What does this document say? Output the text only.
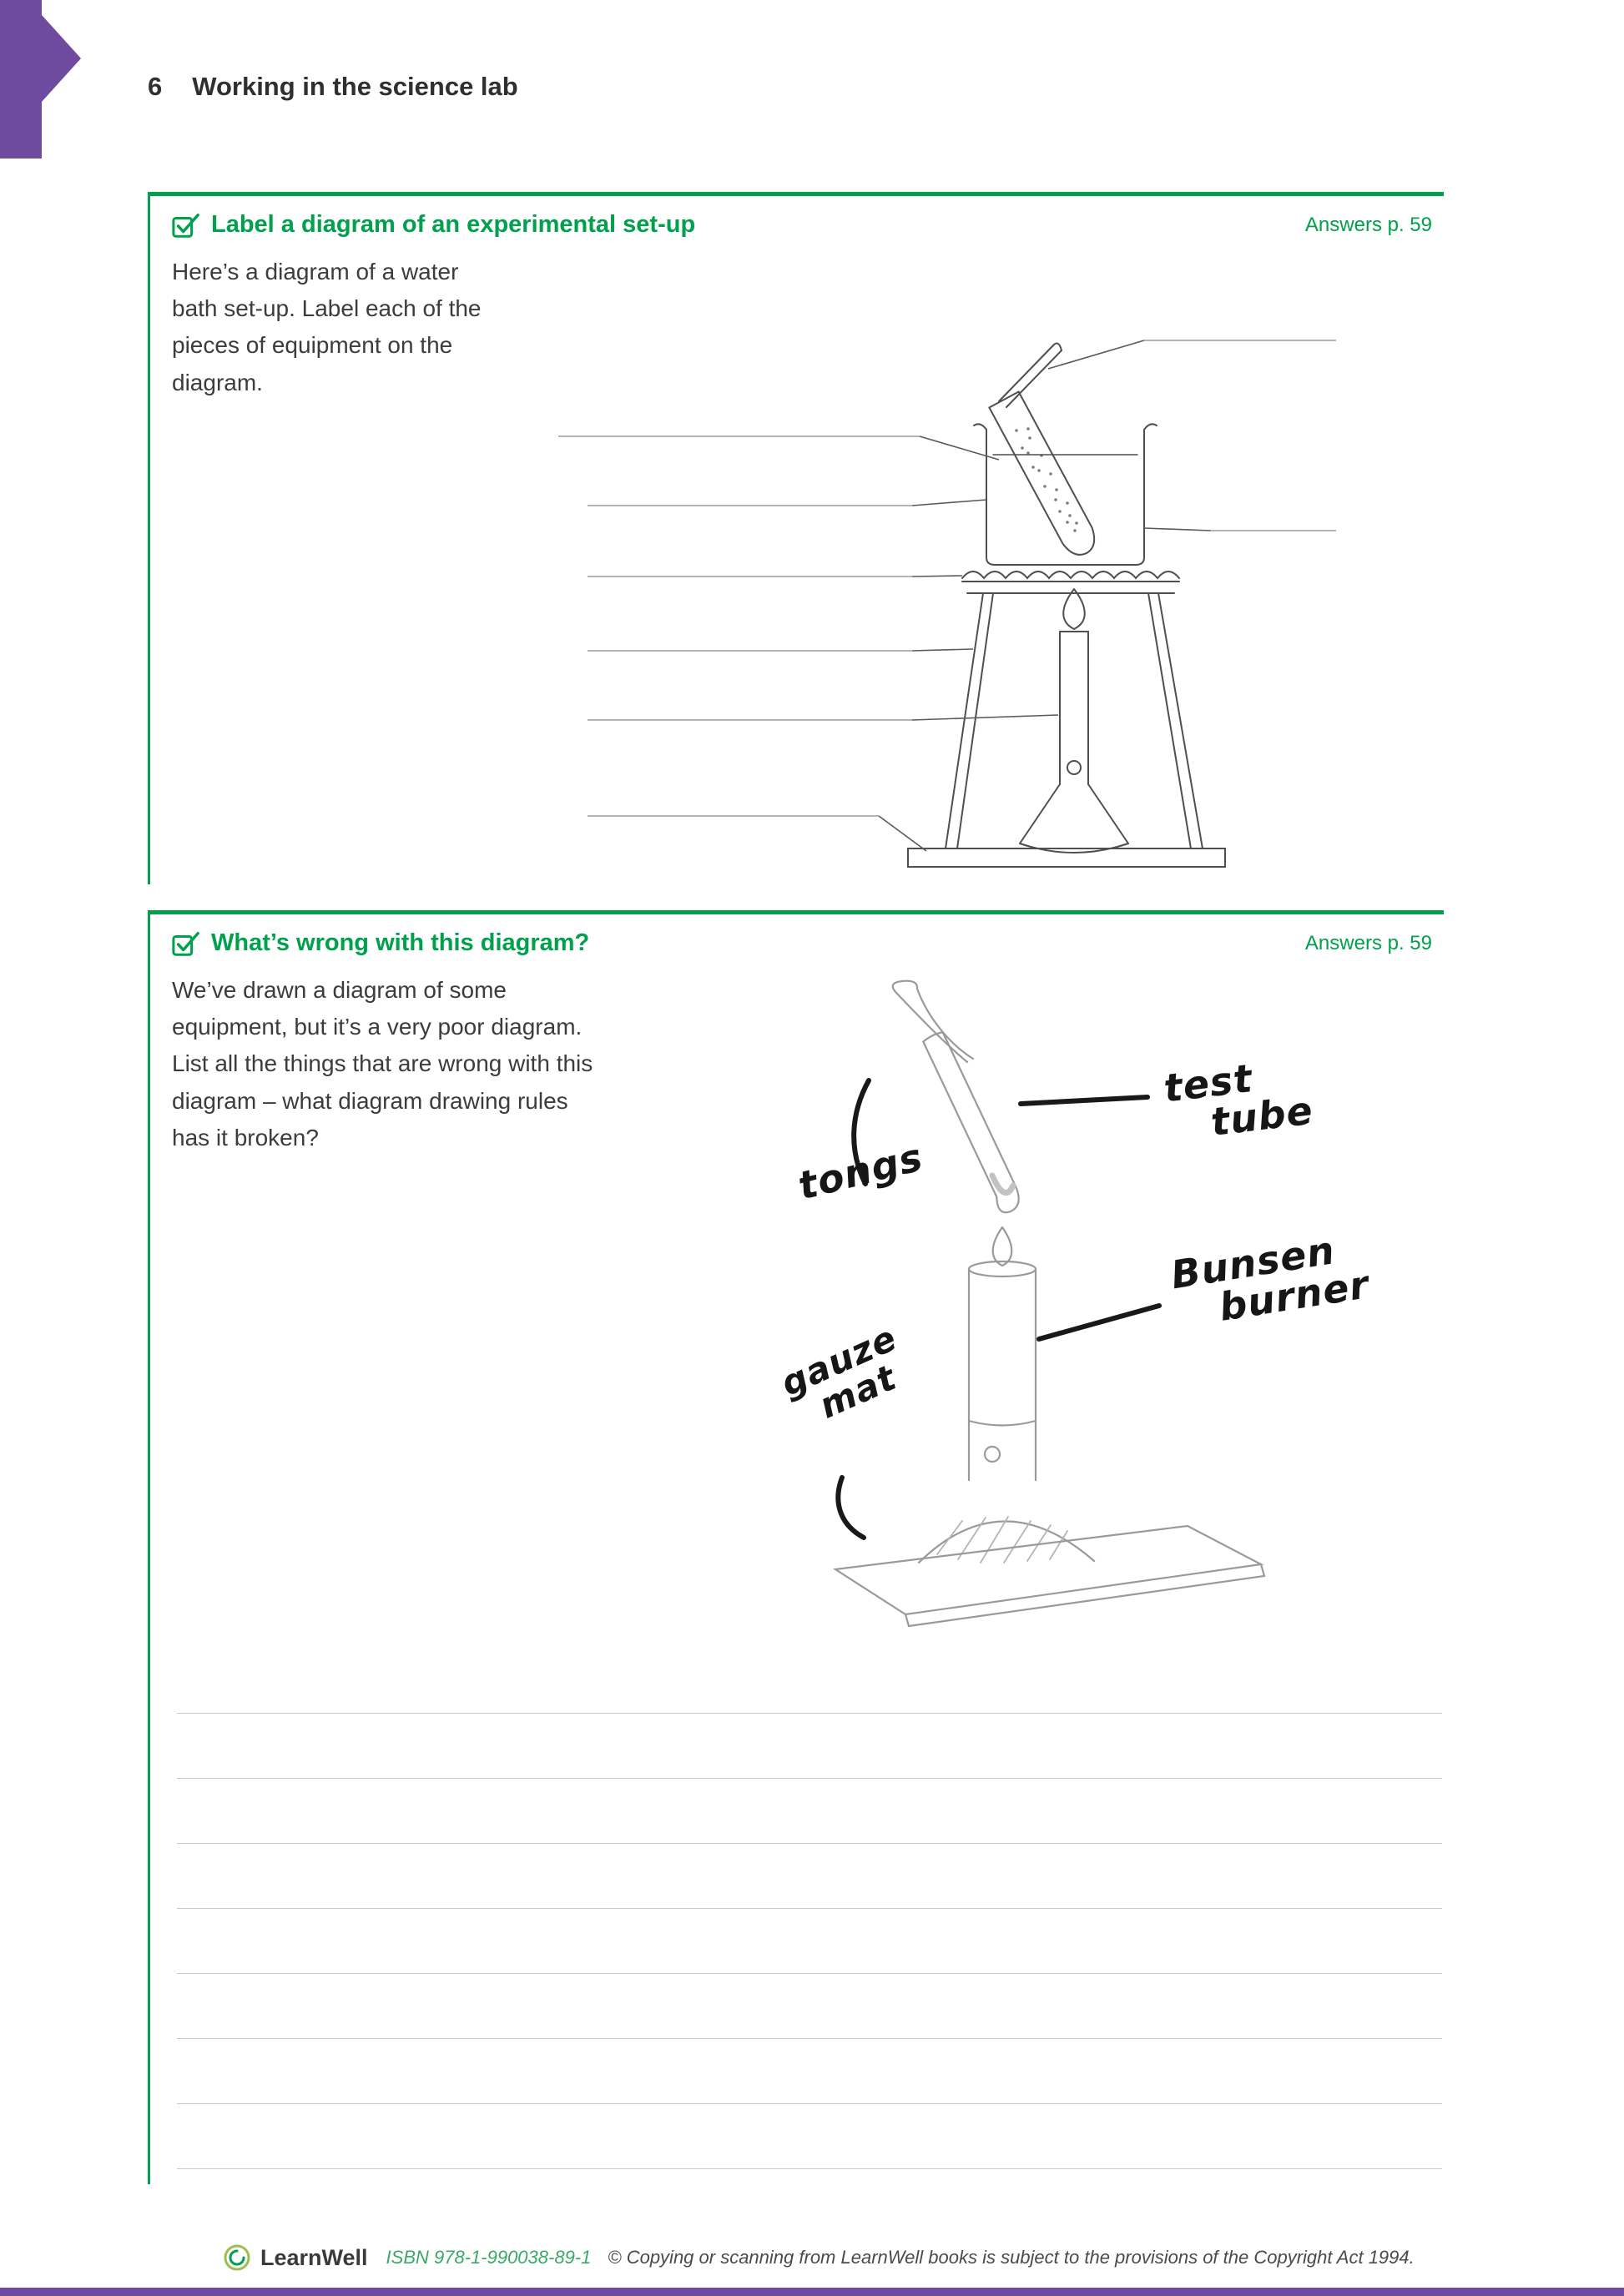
6 Working in the science lab
Label a diagram of an experimental set-up	Answers p. 59

Here’s a diagram of a water bath set-up. Label each of the pieces of equipment on the diagram.

What’s wrong with this diagram?	Answers p. 59

We’ve drawn a diagram of some equipment, but it’s a very poor diagram. List all the things that are wrong with this diagram – what diagram drawing rules has it broken?	tongs
test
tube
Bunsen
burner
gauze
mat
LearnWell ISBN 978-1-990038-89-1 © Copying or scanning from LearnWell books is subject to the provisions of the Copyright Act 1994.
